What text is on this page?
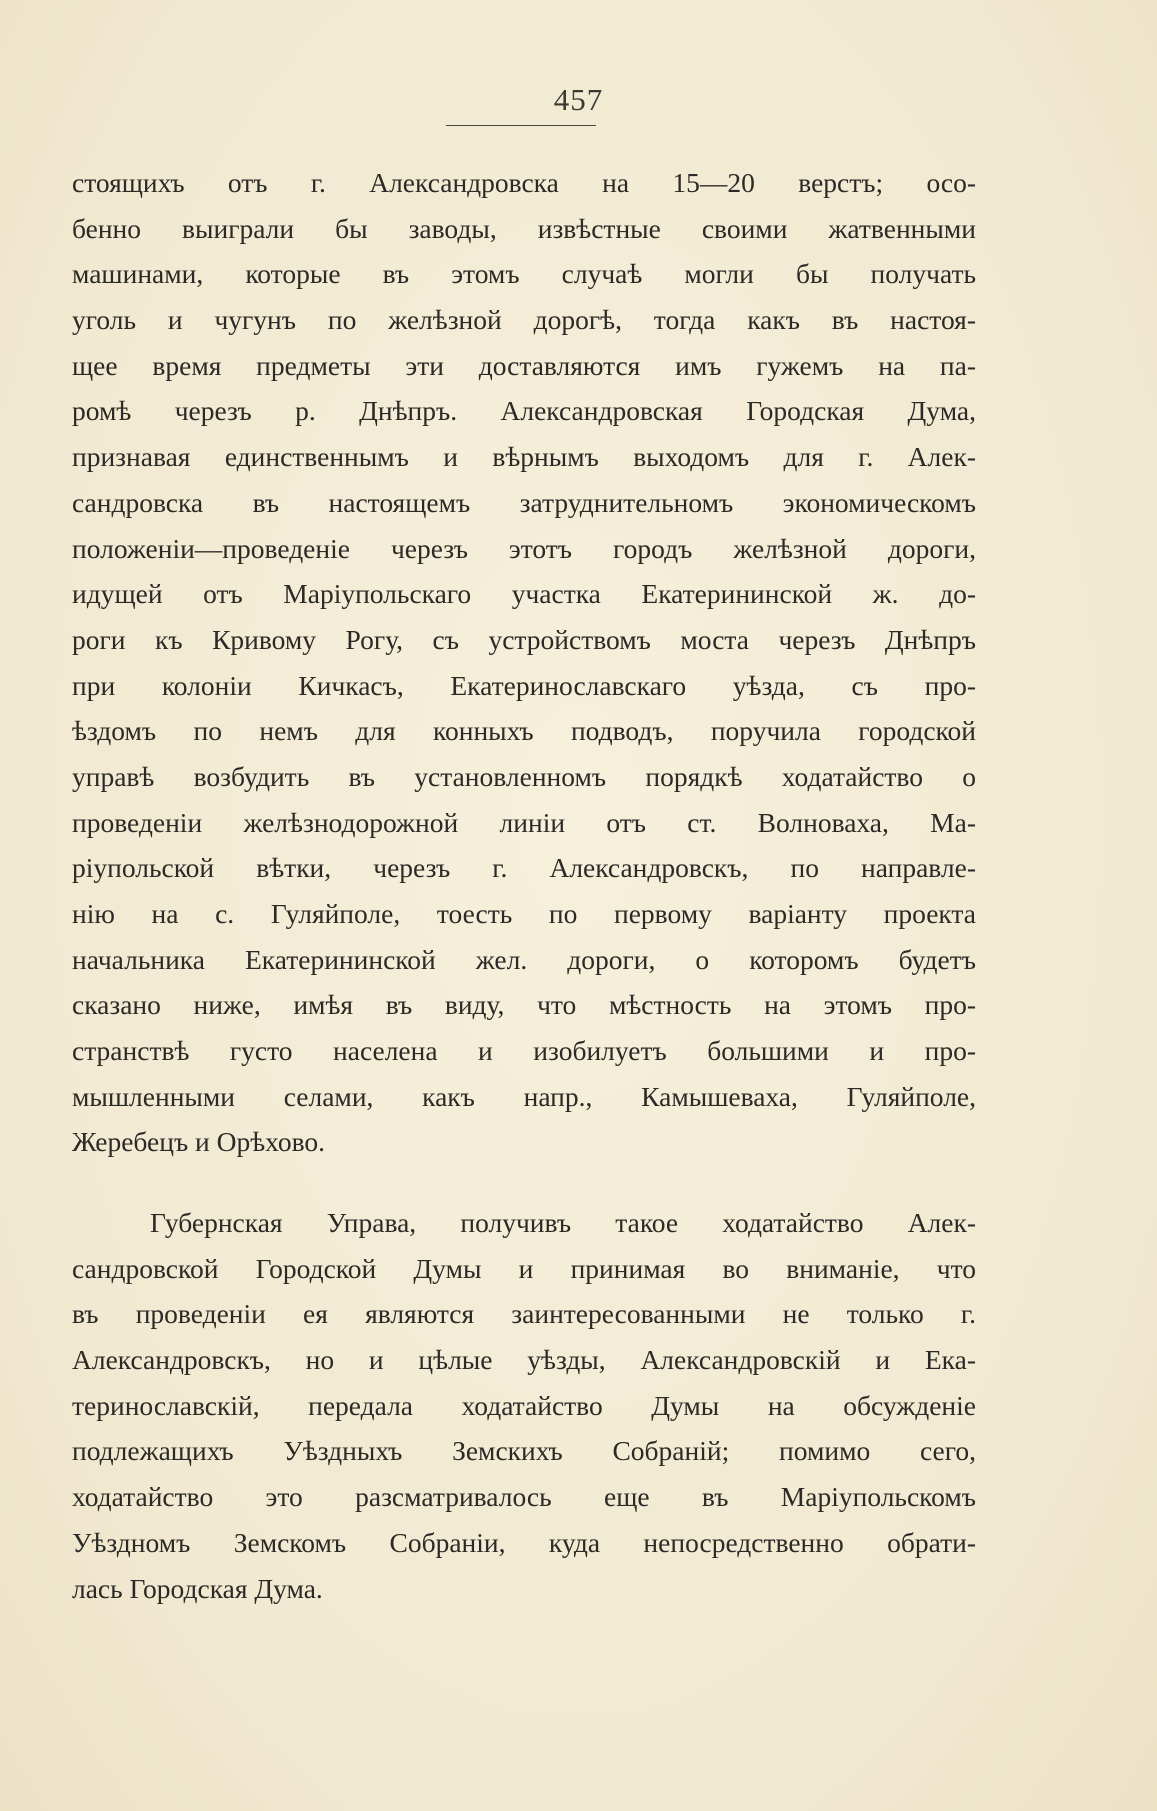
457
стоящихъ отъ г. Александровска на 15—20 верстъ; осо-
бенно выиграли бы заводы, извѣстные своими жатвенными
машинами, которые въ этомъ случаѣ могли бы получать
уголь и чугунъ по желѣзной дорогѣ, тогда какъ въ настоя-
щее время предметы эти доставляются имъ гужемъ на па-
ромѣ черезъ р. Днѣпръ. Александровская Городская Дума,
признавая единственнымъ и вѣрнымъ выходомъ для г. Алек-
сандровска въ настоящемъ затруднительномъ экономическомъ
положеніи—проведеніе черезъ этотъ городъ желѣзной дороги,
идущей отъ Маріупольскаго участка Екатерининской ж. до-
роги къ Кривому Рогу, съ устройствомъ моста черезъ Днѣпръ
при колоніи Кичкасъ, Екатеринославскаго уѣзда, съ про-
ѣздомъ по немъ для конныхъ подводъ, поручила городской
управѣ возбудить въ установленномъ порядкѣ ходатайство о
проведеніи желѣзнодорожной линіи отъ ст. Волноваха, Ма-
ріупольской вѣтки, черезъ г. Александровскъ, по направле-
нію на с. Гуляйполе, тоесть по первому варіанту проекта
начальника Екатерининской жел. дороги, о которомъ будетъ
сказано ниже, имѣя въ виду, что мѣстность на этомъ про-
странствѣ густо населена и изобилуетъ большими и про-
мышленными селами, какъ напр., Камышеваха, Гуляйполе,
Жеребецъ и Орѣхово.
Губернская Управа, получивъ такое ходатайство Алек-
сандровской Городской Думы и принимая во вниманіе, что
въ проведеніи ея являются заинтересованными не только г.
Александровскъ, но и цѣлые уѣзды, Александровскій и Ека-
теринославскій, передала ходатайство Думы на обсужденіе
подлежащихъ Уѣздныхъ Земскихъ Собраній; помимо сего,
ходатайство это разсматривалось еще въ Маріупольскомъ
Уѣздномъ Земскомъ Собраніи, куда непосредственно обрати-
лась Городская Дума.
